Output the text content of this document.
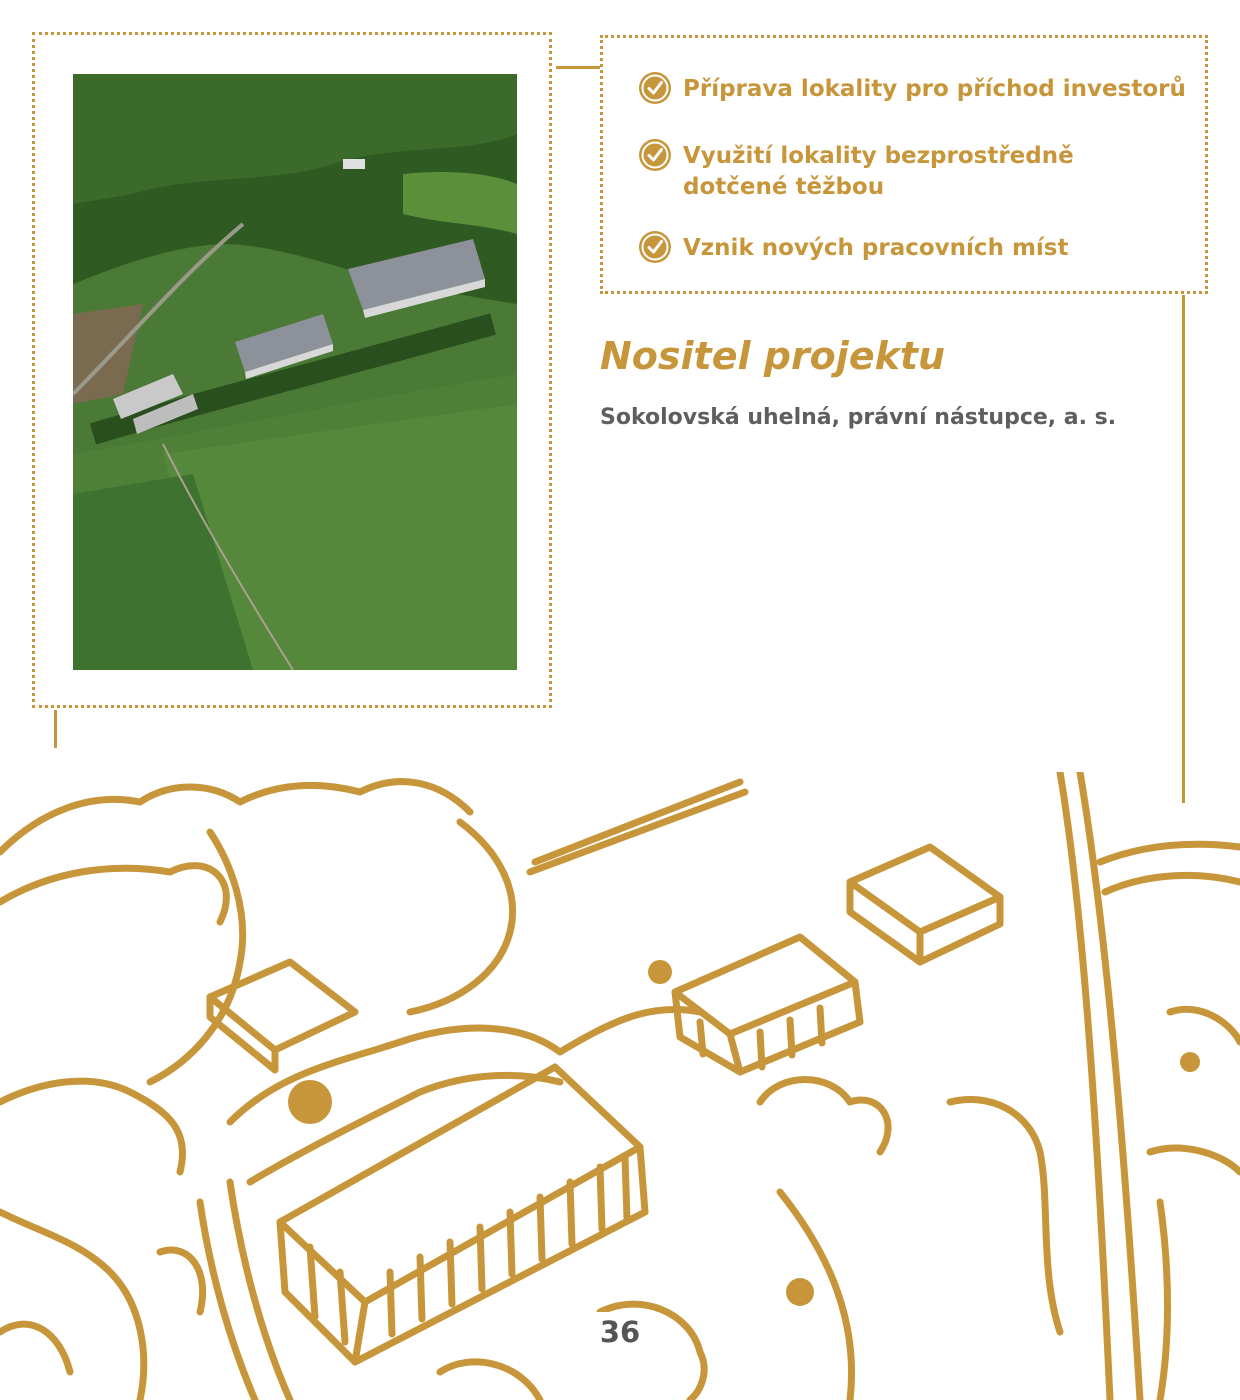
Příprava lokality pro příchod investorů
Využití lokality bezprostředně dotčené těžbou
Vznik nových pracovních míst
Nositel projektu
Sokolovská uhelná, právní nástupce, a. s.
36
